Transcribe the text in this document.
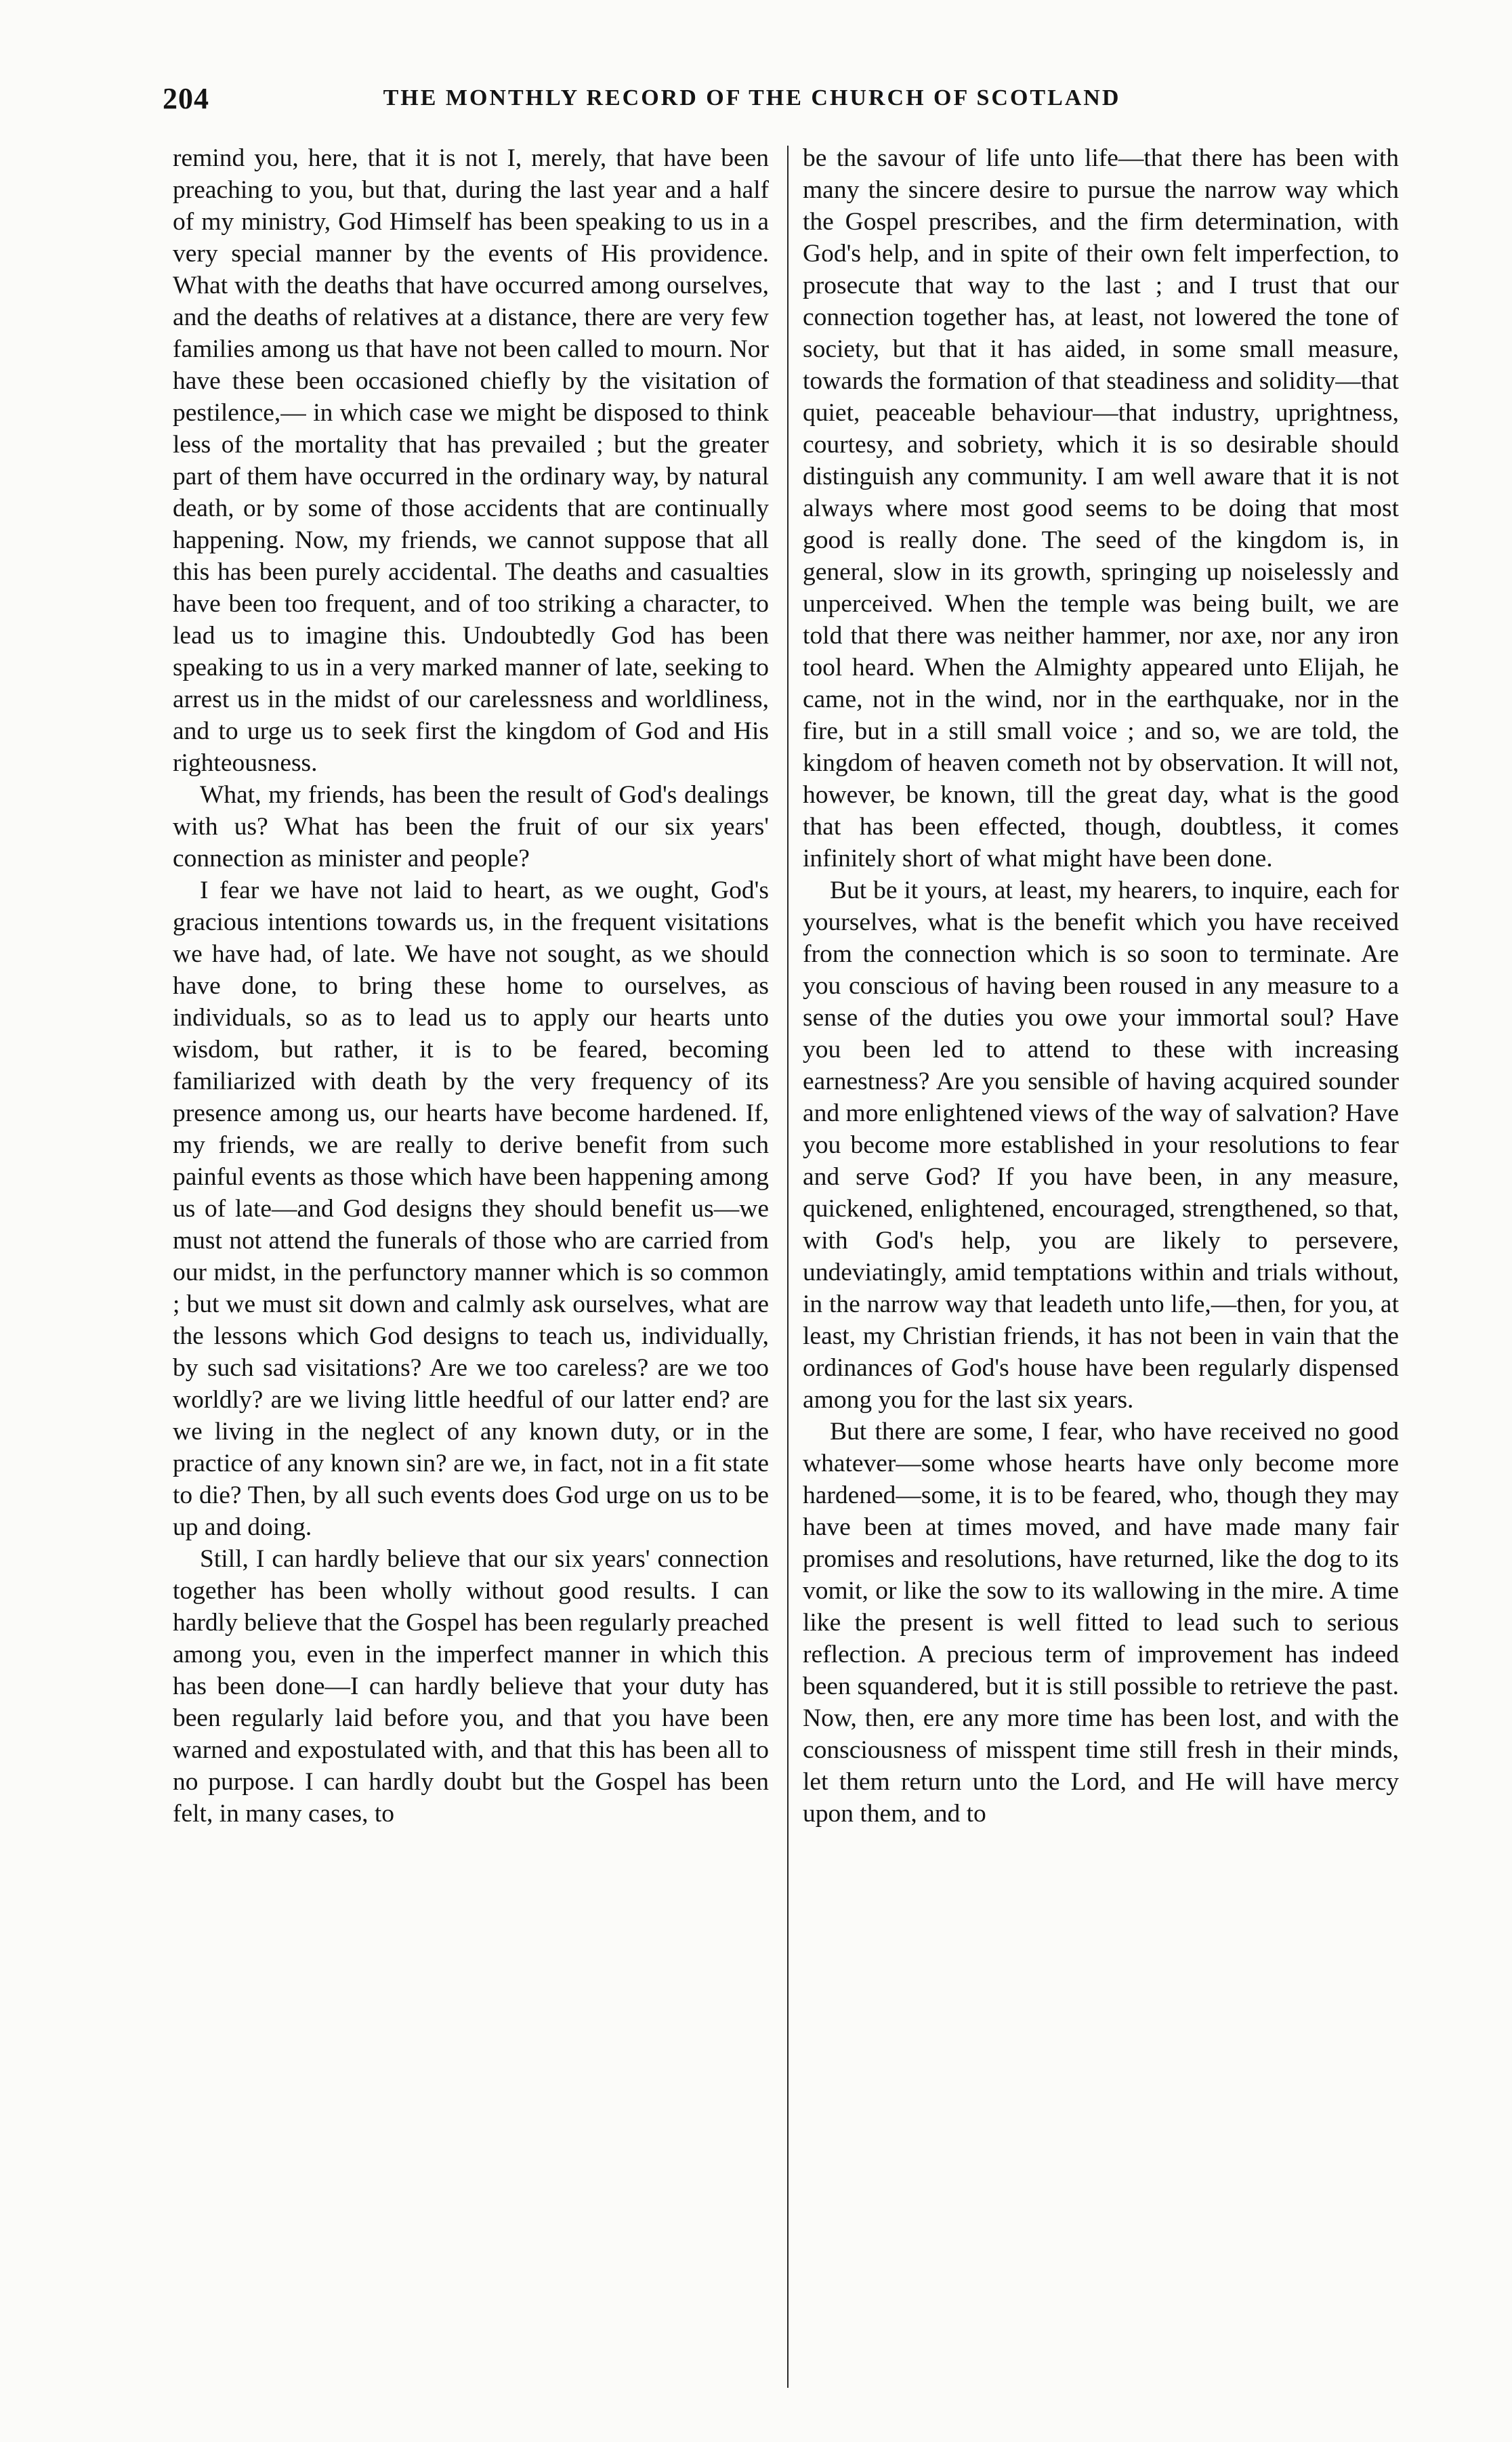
204	THE MONTHLY RECORD OF THE CHURCH OF SCOTLAND

remind you, here, that it is not I, merely, that have been preaching to you, but that, during the last year and a half of my ministry, God Himself has been speaking to us in a very special manner by the events of His providence. What with the deaths that have occurred among ourselves, and the deaths of relatives at a distance, there are very few families among us that have not been called to mourn. Nor have these been occasioned chiefly by the visitation of pestilence,— in which case we might be disposed to think less of the mortality that has prevailed ; but the greater part of them have occurred in the ordinary way, by natural death, or by some of those accidents that are continually happening. Now, my friends, we cannot suppose that all this has been purely accidental. The deaths and casualties have been too frequent, and of too striking a character, to lead us to imagine this. Undoubtedly God has been speaking to us in a very marked manner of late, seeking to arrest us in the midst of our carelessness and worldliness, and to urge us to seek first the kingdom of God and His righteousness.

What, my friends, has been the result of God's dealings with us? What has been the fruit of our six years' connection as minister and people?

I fear we have not laid to heart, as we ought, God's gracious intentions towards us, in the frequent visitations we have had, of late. We have not sought, as we should have done, to bring these home to ourselves, as individuals, so as to lead us to apply our hearts unto wisdom, but rather, it is to be feared, becoming familiarized with death by the very frequency of its presence among us, our hearts have become hardened. If, my friends, we are really to derive benefit from such painful events as those which have been happening among us of late—and God designs they should benefit us—we must not attend the funerals of those who are carried from our midst, in the perfunctory manner which is so common ; but we must sit down and calmly ask ourselves, what are the lessons which God designs to teach us, individually, by such sad visitations? Are we too careless? are we too worldly? are we living little heedful of our latter end? are we living in the neglect of any known duty, or in the practice of any known sin? are we, in fact, not in a fit state to die? Then, by all such events does God urge on us to be up and doing.

Still, I can hardly believe that our six years' connection together has been wholly without good results. I can hardly believe that the Gospel has been regularly preached among you, even in the imperfect manner in which this has been done—I can hardly believe that your duty has been regularly laid before you, and that you have been warned and expostulated with, and that this has been all to no purpose. I can hardly doubt but the Gospel has been felt, in many cases, to

be the savour of life unto life—that there has been with many the sincere desire to pursue the narrow way which the Gospel prescribes, and the firm determination, with God's help, and in spite of their own felt imperfection, to prosecute that way to the last ; and I trust that our connection together has, at least, not lowered the tone of society, but that it has aided, in some small measure, towards the formation of that steadiness and solidity—that quiet, peaceable behaviour—that industry, uprightness, courtesy, and sobriety, which it is so desirable should distinguish any community. I am well aware that it is not always where most good seems to be doing that most good is really done. The seed of the kingdom is, in general, slow in its growth, springing up noiselessly and unperceived. When the temple was being built, we are told that there was neither hammer, nor axe, nor any iron tool heard. When the Almighty appeared unto Elijah, he came, not in the wind, nor in the earthquake, nor in the fire, but in a still small voice ; and so, we are told, the kingdom of heaven cometh not by observation. It will not, however, be known, till the great day, what is the good that has been effected, though, doubtless, it comes infinitely short of what might have been done.

But be it yours, at least, my hearers, to inquire, each for yourselves, what is the benefit which you have received from the connection which is so soon to terminate. Are you conscious of having been roused in any measure to a sense of the duties you owe your immortal soul? Have you been led to attend to these with increasing earnestness? Are you sensible of having acquired sounder and more enlightened views of the way of salvation? Have you become more established in your resolutions to fear and serve God? If you have been, in any measure, quickened, enlightened, encouraged, strengthened, so that, with God's help, you are likely to persevere, undeviatingly, amid temptations within and trials without, in the narrow way that leadeth unto life,—then, for you, at least, my Christian friends, it has not been in vain that the ordinances of God's house have been regularly dispensed among you for the last six years.

But there are some, I fear, who have received no good whatever—some whose hearts have only become more hardened—some, it is to be feared, who, though they may have been at times moved, and have made many fair promises and resolutions, have returned, like the dog to its vomit, or like the sow to its wallowing in the mire. A time like the present is well fitted to lead such to serious reflection. A precious term of improvement has indeed been squandered, but it is still possible to retrieve the past. Now, then, ere any more time has been lost, and with the consciousness of misspent time still fresh in their minds, let them return unto the Lord, and He will have mercy upon them, and to
